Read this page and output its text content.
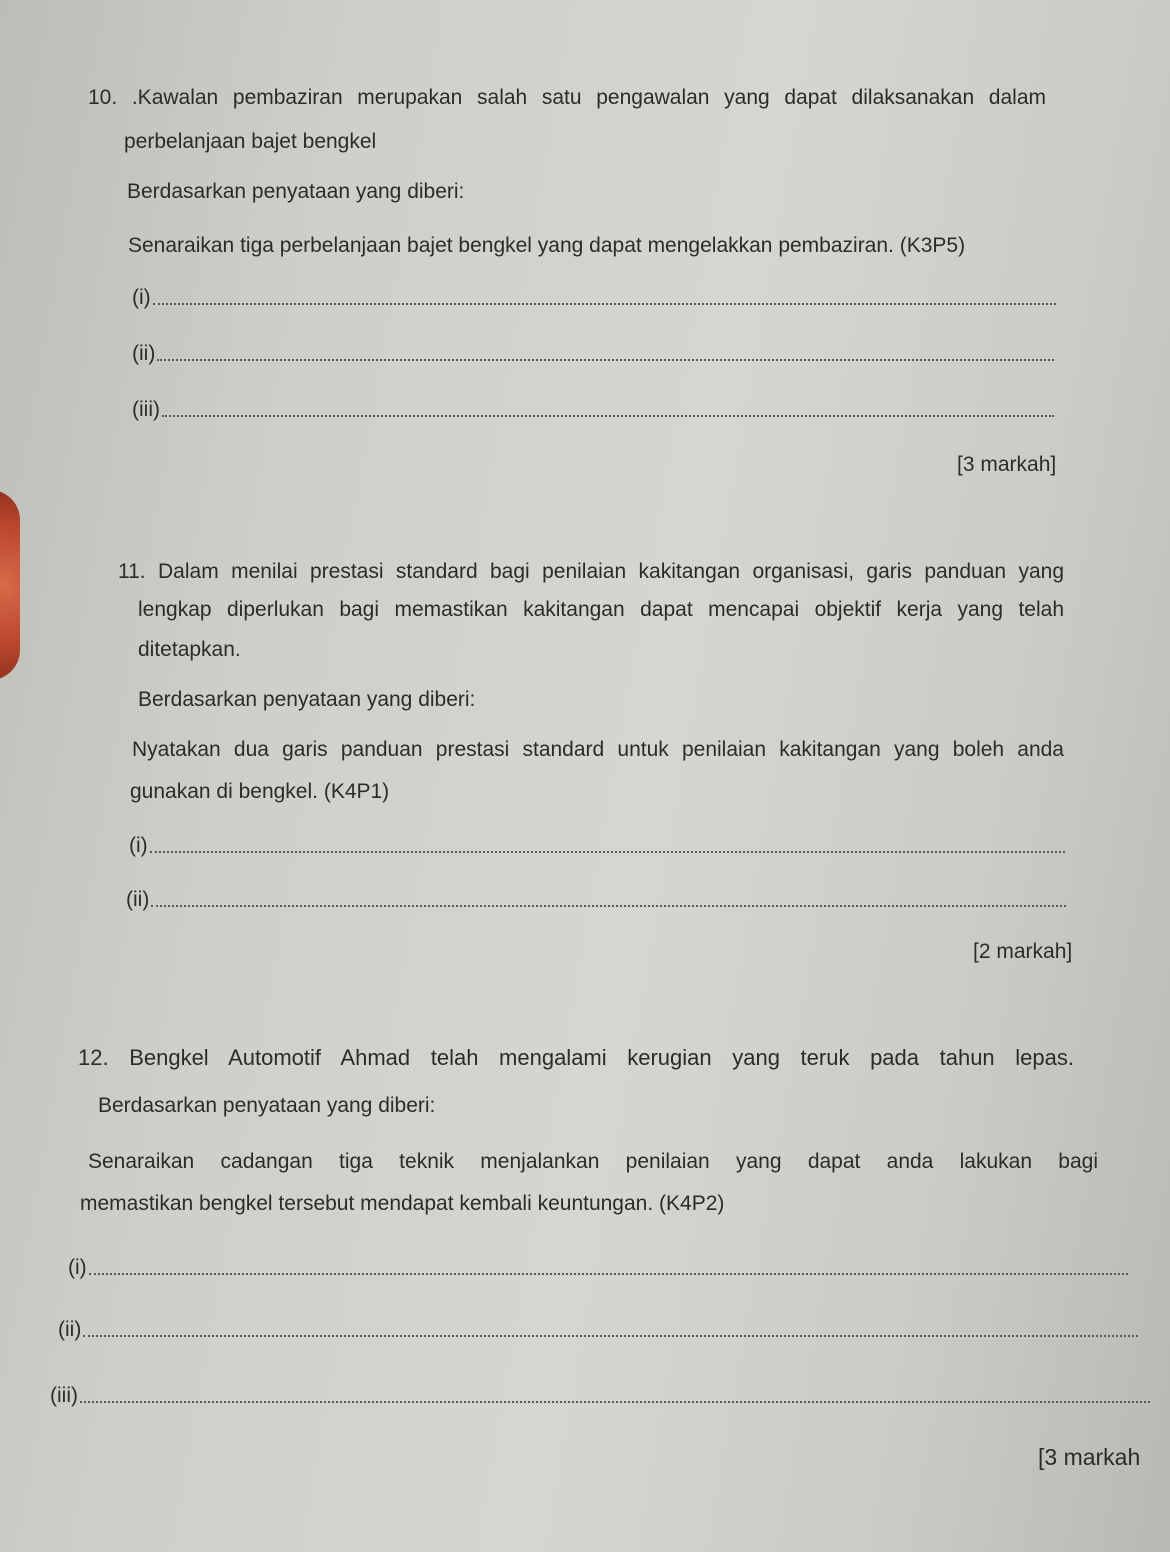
10. .Kawalan pembaziran merupakan salah satu pengawalan yang dapat dilaksanakan dalam
perbelanjaan bajet bengkel
Berdasarkan penyataan yang diberi:
Senaraikan tiga perbelanjaan bajet bengkel yang dapat mengelakkan pembaziran. (K3P5)
(i)
(ii)
(iii)
[3 markah]
11. Dalam menilai prestasi standard bagi penilaian kakitangan organisasi, garis panduan yang
lengkap diperlukan bagi memastikan kakitangan dapat mencapai objektif kerja yang telah
ditetapkan.
Berdasarkan penyataan yang diberi:
Nyatakan dua garis panduan prestasi standard untuk penilaian kakitangan yang boleh anda
gunakan di bengkel. (K4P1)
(i)
(ii)
[2 markah]
12. Bengkel Automotif Ahmad telah mengalami kerugian yang teruk pada tahun lepas.
Berdasarkan penyataan yang diberi:
Senaraikan cadangan tiga teknik menjalankan penilaian yang dapat anda lakukan bagi
memastikan bengkel tersebut mendapat kembali keuntungan. (K4P2)
(i)
(ii)
(iii)
[3 markah
